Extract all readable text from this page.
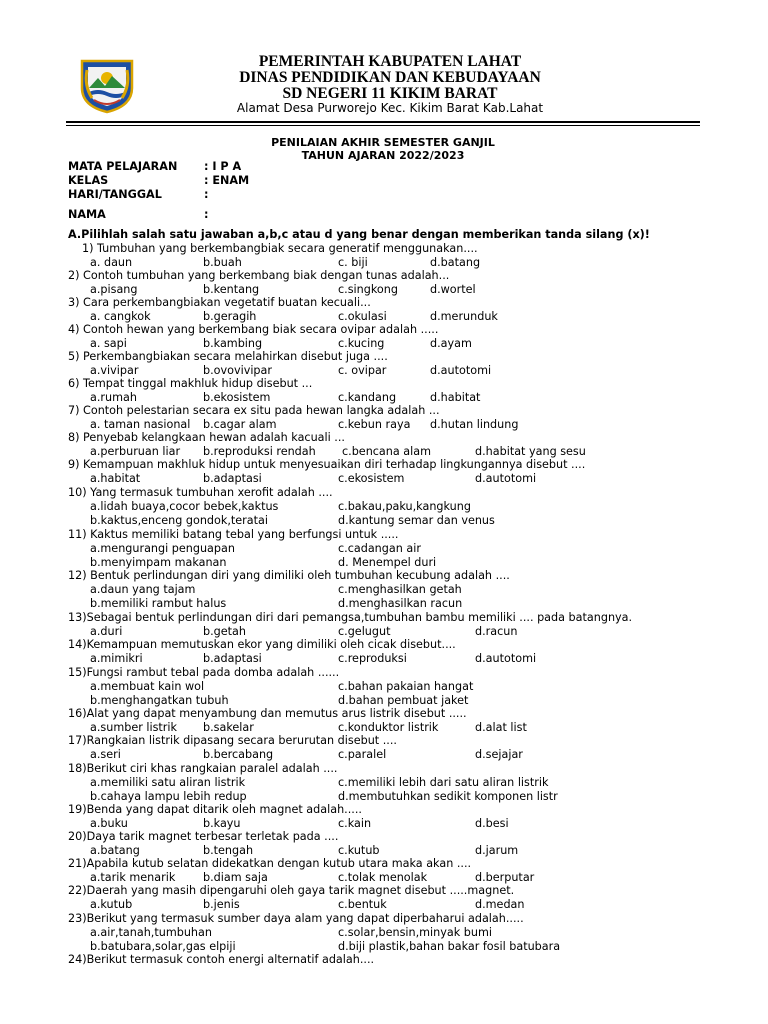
PEMERINTAH KABUPATEN LAHAT
DINAS PENDIDIKAN DAN KEBUDAYAAN
SD NEGERI 11 KIKIM BARAT
Alamat Desa Purworejo Kec. Kikim Barat Kab.Lahat
PENILAIAN AKHIR SEMESTER GANJIL
TAHUN AJARAN 2022/2023
MATA PELAJARAN : I P A
KELAS	: ENAM
HARI/TANGGAL	:
NAMA	:
A.Pilihlah salah satu jawaban a,b,c atau d yang benar dengan memberikan tanda silang (x)!
1) Tumbuhan yang berkembangbiak secara generatif menggunakan....
a. daun	b.buah	c. biji	d.batang
2) Contoh tumbuhan yang berkembang biak dengan tunas adalah...
a.pisang	b.kentang	c.singkong	d.wortel
3) Cara perkembangbiakan vegetatif buatan kecuali...
a. cangkok	b.geragih	c.okulasi	d.merunduk
4) Contoh hewan yang berkembang biak secara ovipar adalah .....
a. sapi	b.kambing	c.kucing	d.ayam
5) Perkembangbiakan secara melahirkan disebut juga ....
a.vivipar	b.ovovivipar	c. ovipar	d.autotomi
6) Tempat tinggal makhluk hidup disebut ...
a.rumah	b.ekosistem	c.kandang	d.habitat
7) Contoh pelestarian secara ex situ pada hewan langka adalah ...
a. taman nasional b.cagar alam	c.kebun raya d.hutan lindung
8) Penyebab kelangkaan hewan adalah kacuali ...
a.perburuan liar b.reproduksi rendah c.bencana alam	d.habitat yang sesu
9) Kemampuan makhluk hidup untuk menyesuaikan diri terhadap lingkungannya disebut ....
a.habitat	b.adaptasi	c.ekosistem	d.autotomi
10) Yang termasuk tumbuhan xerofit adalah ....
a.lidah buaya,cocor bebek,kaktus	c.bakau,paku,kangkung
b.kaktus,enceng gondok,teratai	d.kantung semar dan venus
11) Kaktus memiliki batang tebal yang berfungsi untuk .....
a.mengurangi penguapan	c.cadangan air
b.menyimpam makanan	d. Menempel duri
12) Bentuk perlindungan diri yang dimiliki oleh tumbuhan kecubung adalah ....
a.daun yang tajam	c.menghasilkan getah
b.memiliki rambut halus	d.menghasilkan racun
13)Sebagai bentuk perlindungan diri dari pemangsa,tumbuhan bambu memiliki .... pada batangnya.
a.duri	b.getah	c.gelugut	d.racun
14)Kemampuan memutuskan ekor yang dimiliki oleh cicak disebut....
a.mimikri	b.adaptasi	c.reproduksi	d.autotomi
15)Fungsi rambut tebal pada domba adalah ......
a.membuat kain wol	c.bahan pakaian hangat
b.menghangatkan tubuh	d.bahan pembuat jaket
16)Alat yang dapat menyambung dan memutus arus listrik disebut .....
a.sumber listrik b.sakelar	c.konduktor listrik	d.alat list
17)Rangkaian listrik dipasang secara berurutan disebut ....
a.seri	b.bercabang	c.paralel	d.sejajar
18)Berikut ciri khas rangkaian paralel adalah ....
a.memiliki satu aliran listrik	c.memiliki lebih dari satu aliran listrik
b.cahaya lampu lebih redup	d.membutuhkan sedikit komponen listr
19)Benda yang dapat ditarik oleh magnet adalah.....
a.buku	b.kayu	c.kain	d.besi
20)Daya tarik magnet terbesar terletak pada ....
a.batang	b.tengah	c.kutub	d.jarum
21)Apabila kutub selatan didekatkan dengan kutub utara maka akan ....
a.tarik menarik b.diam saja	c.tolak menolak	d.berputar
22)Daerah yang masih dipengaruhi oleh gaya tarik magnet disebut .....magnet.
a.kutub	b.jenis	c.bentuk	d.medan
23)Berikut yang termasuk sumber daya alam yang dapat diperbaharui adalah.....
a.air,tanah,tumbuhan	c.solar,bensin,minyak bumi
b.batubara,solar,gas elpiji	d.biji plastik,bahan bakar fosil batubara
24)Berikut termasuk contoh energi alternatif adalah....
